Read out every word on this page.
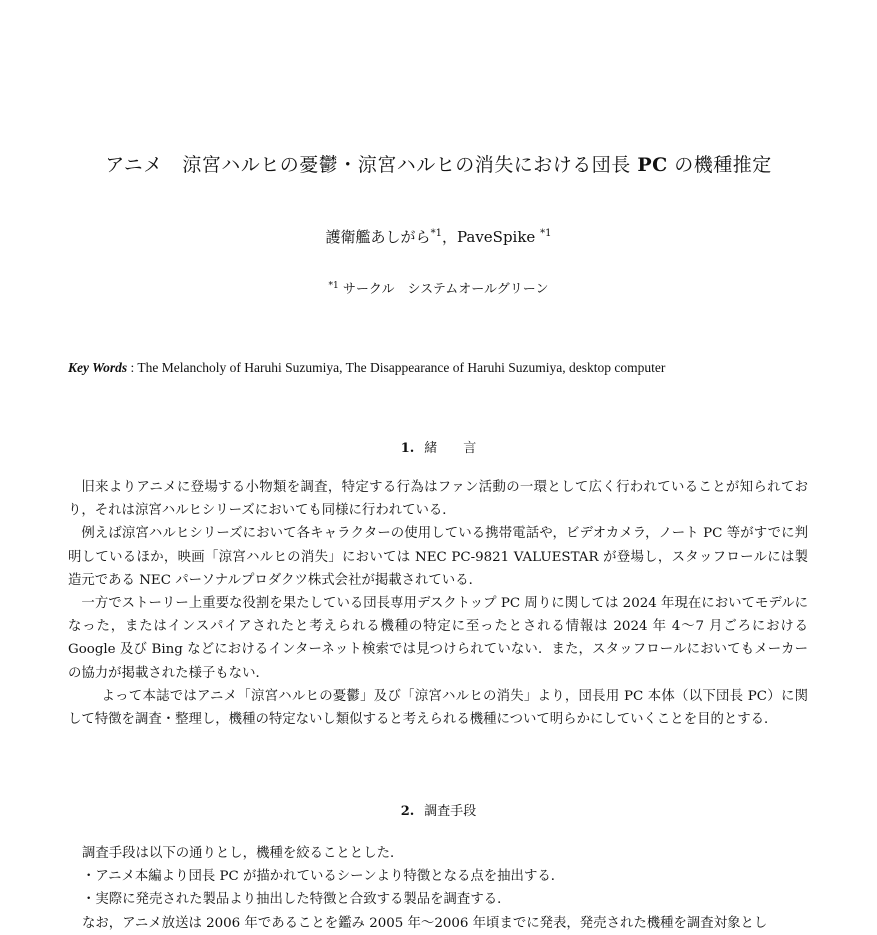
アニメ　涼宮ハルヒの憂鬱・涼宮ハルヒの消失における団長 PC の機種推定
護衛艦あしがら$^{*1}$，PaveSpike $^{*1}$
$^{*1}$ サークル　システムオールグリーン
Key Words : The Melancholy of Haruhi Suzumiya, The Disappearance of Haruhi Suzumiya, desktop computer
1. 緒　　言

旧来よりアニメに登場する小物類を調査，特定する行為はファン活動の一環として広く行われていることが知られており，それは涼宮ハルヒシリーズにおいても同様に行われている．

例えば涼宮ハルヒシリーズにおいて各キャラクターの使用している携帯電話や，ビデオカメラ，ノート PC 等がすでに判明しているほか，映画「涼宮ハルヒの消失」においては NEC PC-9821 VALUESTAR が登場し，スタッフロールには製造元である NEC パーソナルプロダクツ株式会社が掲載されている．

一方でストーリー上重要な役割を果たしている団長専用デスクトップ PC 周りに関しては 2024 年現在においてモデルになった，またはインスパイアされたと考えられる機種の特定に至ったとされる情報は 2024 年 4～7 月ごろにおける Google 及び Bing などにおけるインターネット検索では見つけられていない．また，スタッフロールにおいてもメーカーの協力が掲載された様子もない．

よって本誌ではアニメ「涼宮ハルヒの憂鬱」及び「涼宮ハルヒの消失」より，団長用 PC 本体（以下団長 PC）に関して特徴を調査・整理し，機種の特定ないし類似すると考えられる機種について明らかにしていくことを目的とする．

2. 調査手段
調査手段は以下の通りとし，機種を絞ることとした．
・アニメ本編より団長 PC が描かれているシーンより特徴となる点を抽出する．
・実際に発売された製品より抽出した特徴と合致する製品を調査する．
なお，アニメ放送は 2006 年であることを鑑み 2005 年～2006 年頃までに発表，発売された機種を調査対象とし
